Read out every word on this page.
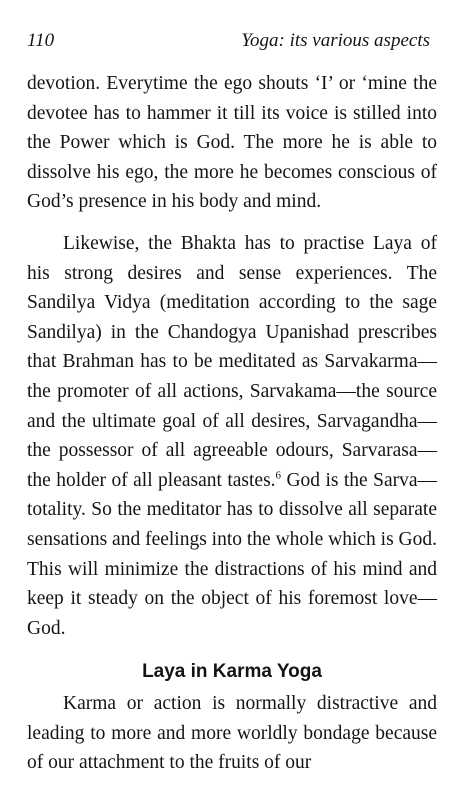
110	Yoga: its various aspects

devotion. Everytime the ego shouts ‘I’ or ‘mine the devotee has to hammer it till its voice is stilled into the Power which is God. The more he is able to dissolve his ego, the more he becomes conscious of God’s presence in his body and mind.

Likewise, the Bhakta has to practise Laya of his strong desires and sense experiences. The Sandilya Vidya (meditation according to the sage Sandilya) in the Chandogya Upanishad prescribes that Brahman has to be meditated as Sarvakarma—the promoter of all actions, Sarvakama—the source and the ultimate goal of all desires, Sarvagandha—the possessor of all agreeable odours, Sarvarasa—the holder of all pleasant tastes.$^6$ God is the Sarva—totality. So the meditator has to dissolve all separate sensations and feelings into the whole which is God. This will minimize the distractions of his mind and keep it steady on the object of his foremost love—God.

Laya in Karma Yoga

Karma or action is normally distractive and leading to more and more worldly bondage because of our attachment to the fruits of our
